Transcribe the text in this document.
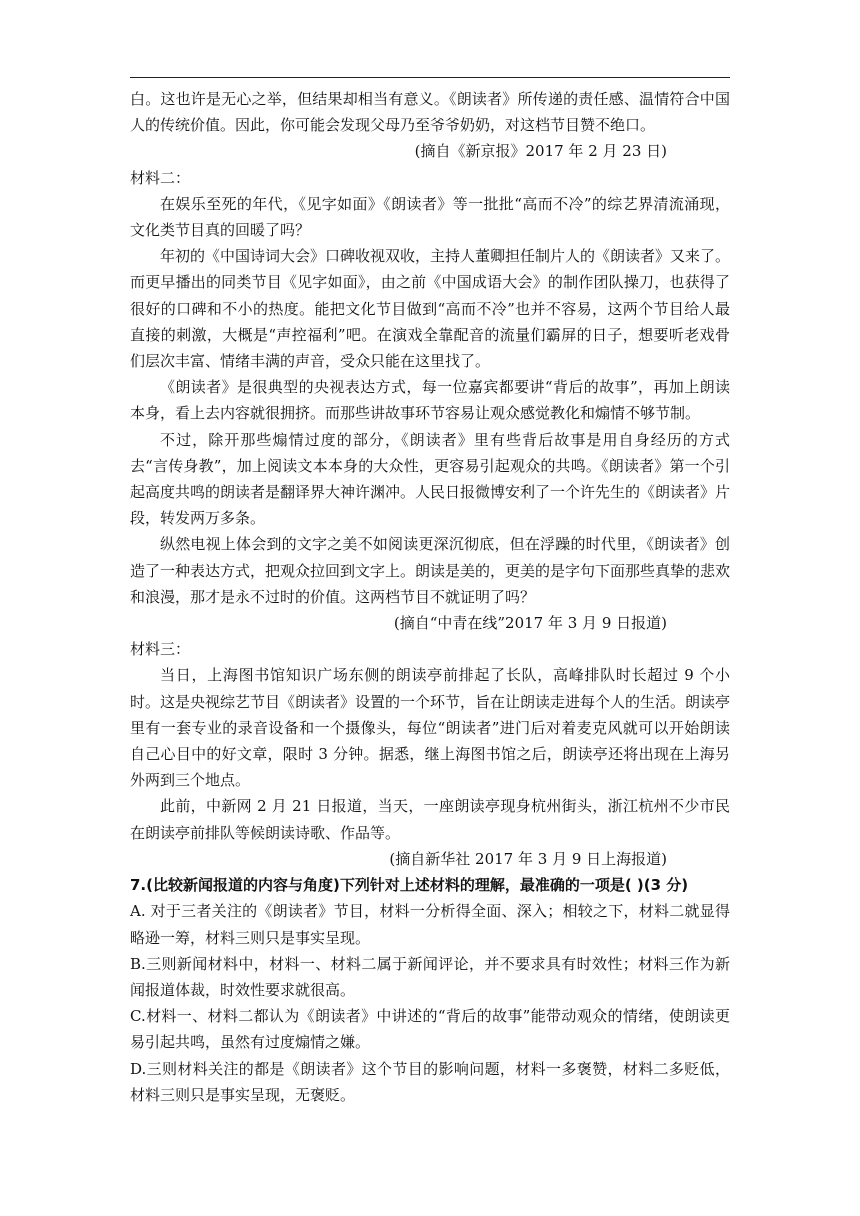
白。这也许是无心之举，但结果却相当有意义。《朗读者》所传递的责任感、温情符合中国人的传统价值。因此，你可能会发现父母乃至爷爷奶奶，对这档节目赞不绝口。

(摘自《新京报》2017 年 2 月 23 日)

材料二：

在娱乐至死的年代，《见字如面》《朗读者》等一批批“高而不冷”的综艺界清流涌现，文化类节目真的回暖了吗？

年初的《中国诗词大会》口碑收视双收，主持人董卿担任制片人的《朗读者》又来了。而更早播出的同类节目《见字如面》，由之前《中国成语大会》的制作团队操刀，也获得了很好的口碑和不小的热度。能把文化节目做到“高而不冷”也并不容易，这两个节目给人最直接的刺激，大概是“声控福利”吧。在演戏全靠配音的流量们霸屏的日子，想要听老戏骨们层次丰富、情绪丰满的声音，受众只能在这里找了。

《朗读者》是很典型的央视表达方式，每一位嘉宾都要讲“背后的故事”，再加上朗读本身，看上去内容就很拥挤。而那些讲故事环节容易让观众感觉教化和煽情不够节制。

不过，除开那些煽情过度的部分，《朗读者》里有些背后故事是用自身经历的方式去“言传身教”，加上阅读文本本身的大众性，更容易引起观众的共鸣。《朗读者》第一个引起高度共鸣的朗读者是翻译界大神许渊冲。人民日报微博安利了一个许先生的《朗读者》片段，转发两万多条。

纵然电视上体会到的文字之美不如阅读更深沉彻底，但在浮躁的时代里，《朗读者》创造了一种表达方式，把观众拉回到文字上。朗读是美的，更美的是字句下面那些真挚的悲欢和浪漫，那才是永不过时的价值。这两档节目不就证明了吗？

(摘自“中青在线”2017 年 3 月 9 日报道)

材料三：

当日，上海图书馆知识广场东侧的朗读亭前排起了长队，高峰排队时长超过 9 个小时。这是央视综艺节目《朗读者》设置的一个环节，旨在让朗读走进每个人的生活。朗读亭里有一套专业的录音设备和一个摄像头，每位“朗读者”进门后对着麦克风就可以开始朗读自己心目中的好文章，限时 3 分钟。据悉，继上海图书馆之后，朗读亭还将出现在上海另外两到三个地点。

此前，中新网 2 月 21 日报道，当天，一座朗读亭现身杭州街头，浙江杭州不少市民在朗读亭前排队等候朗读诗歌、作品等。

(摘自新华社 2017 年 3 月 9 日上海报道)

7.(比较新闻报道的内容与角度)下列针对上述材料的理解，最准确的一项是( )(3 分)

A. 对于三者关注的《朗读者》节目，材料一分析得全面、深入；相较之下，材料二就显得略逊一筹，材料三则只是事实呈现。

B.三则新闻材料中，材料一、材料二属于新闻评论，并不要求具有时效性；材料三作为新闻报道体裁，时效性要求就很高。

C.材料一、材料二都认为《朗读者》中讲述的“背后的故事”能带动观众的情绪，使朗读更易引起共鸣，虽然有过度煽情之嫌。

D.三则材料关注的都是《朗读者》这个节目的影响问题，材料一多褒赞，材料二多贬低，材料三则只是事实呈现，无褒贬。
